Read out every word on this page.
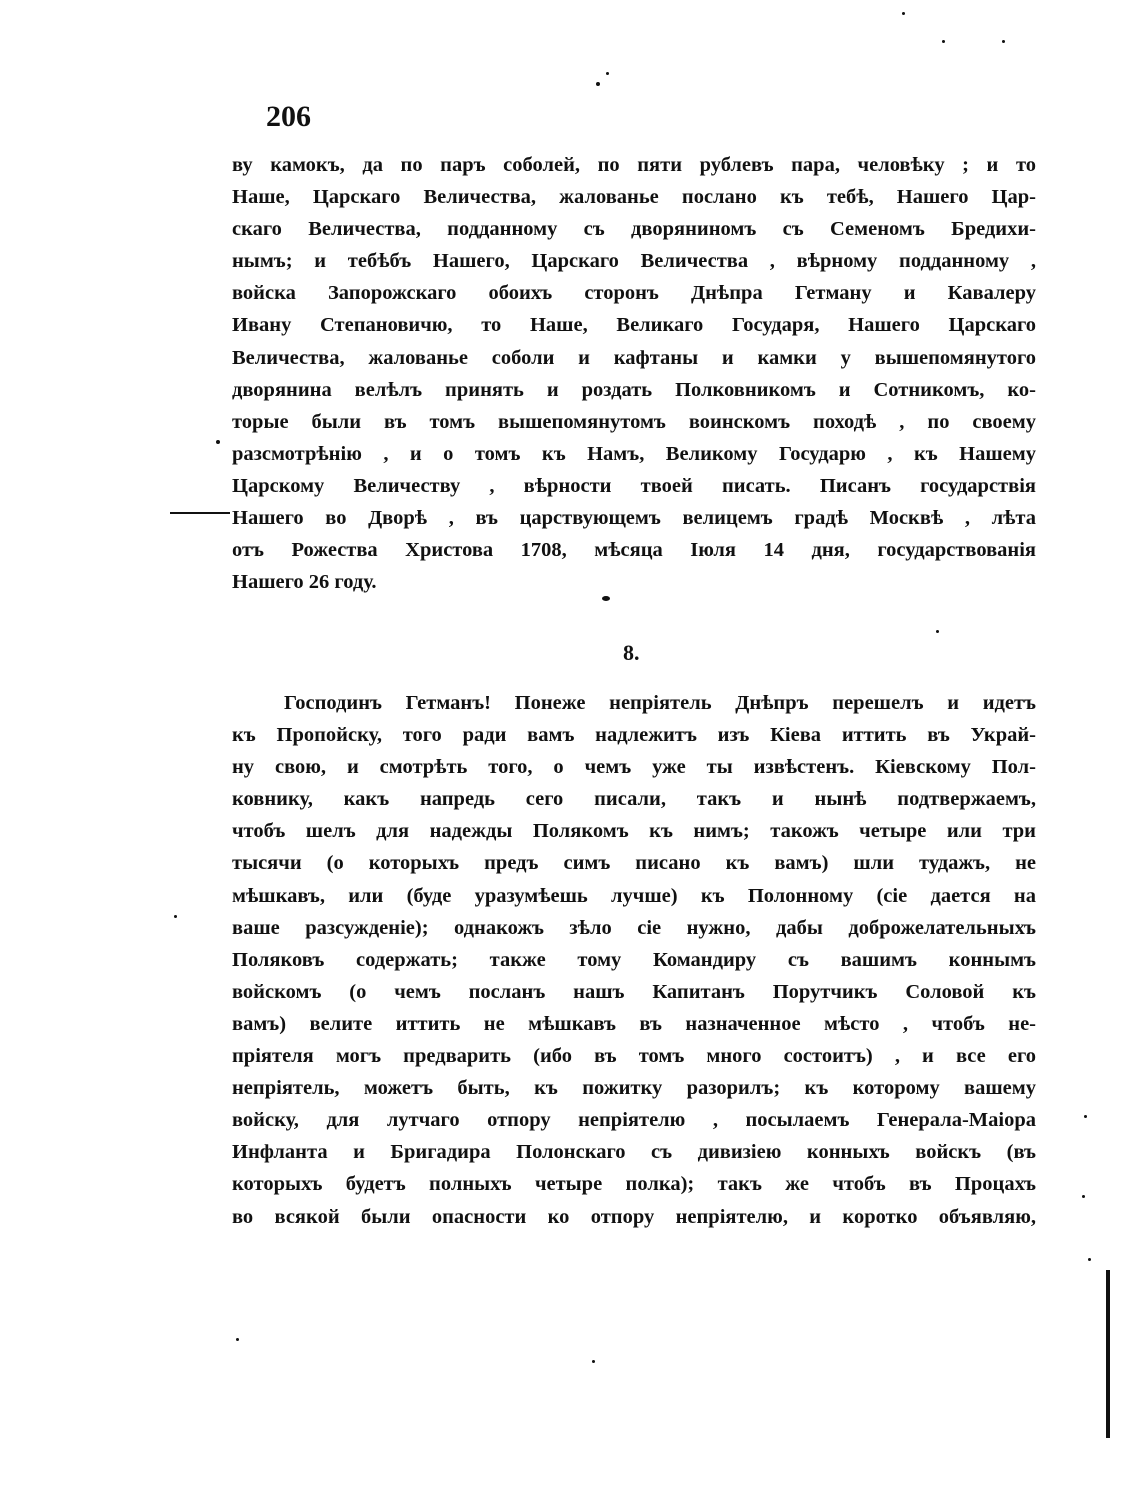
206
ву камокъ, да по паръ соболей, по пяти рублевъ пара, человѣку ; и то
Наше, Царскаго Величества, жалованье послано къ тебѣ, Нашего Цар-
скаго Величества, подданному съ дворяниномъ съ Семеномъ Бредихи-
нымъ; и тебѣбъ Нашего, Царскаго Величества , вѣрному подданному ,
войска Запорожскаго обоихъ сторонъ Днѣпра Гетману и Кавалеру
Ивану Степановичю, то Наше, Великаго Государя, Нашего Царскаго
Величества, жалованье соболи и кафтаны и камки у вышепомянутого
дворянина велѣлъ принять и роздать Полковникомъ и Сотникомъ, ко-
торые были въ томъ вышепомянутомъ воинскомъ походѣ , по своему
разсмотрѣнію , и о томъ къ Намъ, Великому Государю , къ Нашему
Царскому Величеству , вѣрности твоей писать. Писанъ государствія
Нашего во Дворѣ , въ царствующемъ велицемъ градѣ Москвѣ , лѣта
отъ Рожества Христова 1708, мѣсяца Іюля 14 дня, государствованія
Нашего 26 году.
8.
Господинъ Гетманъ! Понеже непріятель Днѣпръ перешелъ и идетъ
къ Пропойску, того ради вамъ надлежитъ изъ Кіева иттить въ Украй-
ну свою, и смотрѣть того, о чемъ уже ты извѣстенъ. Кіевскому Пол-
ковнику, какъ напредь сего писали, такъ и нынѣ подтвержаемъ,
чтобъ шелъ для надежды Полякомъ къ нимъ; такожъ четыре или три
тысячи (о которыхъ предъ симъ писано къ вамъ) шли тудажъ, не
мѣшкавъ, или (буде уразумѣешь лучше) къ Полонному (сіе дается на
ваше разсужденіе); однакожъ зѣло сіе нужно, дабы доброжелательныхъ
Поляковъ содержать; также тому Командиру съ вашимъ коннымъ
войскомъ (о чемъ посланъ нашъ Капитанъ Порутчикъ Соловой къ
вамъ) велите иттить не мѣшкавъ въ назначенное мѣсто , чтобъ не-
пріятеля могъ предварить (ибо въ томъ много состоитъ) , и все его
непріятель, можетъ быть, къ пожитку разорилъ; къ которому вашему
войску, для лутчаго отпору непріятелю , посылаемъ Генерала-Маіора
Инфланта и Бригадира Полонскаго съ дивизіею конныхъ войскъ (въ
которыхъ будетъ полныхъ четыре полка); такъ же чтобъ въ Процахъ
во всякой были опасности ко отпору непріятелю, и коротко объявляю,
